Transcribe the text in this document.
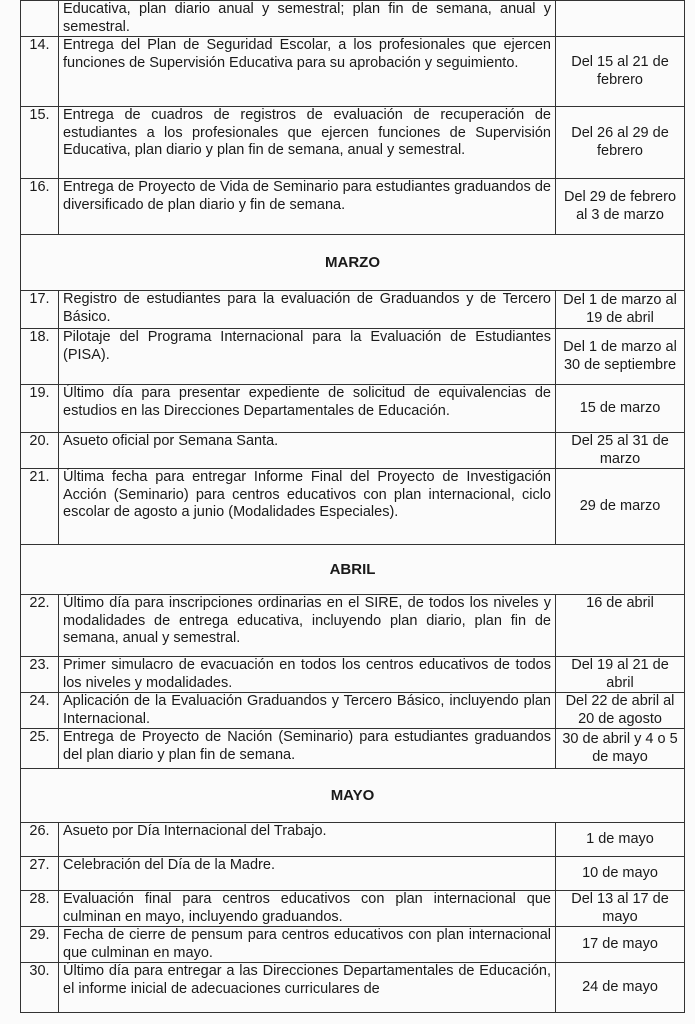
	Educativa, plan diario anual y semestral; plan fin de semana, anual y semestral.	
14.	Entrega del Plan de Seguridad Escolar, a los profesionales que ejercen funciones de Supervisión Educativa para su aprobación y seguimiento.	Del 15 al 21 de febrero
15.	Entrega de cuadros de registros de evaluación de recuperación de estudiantes a los profesionales que ejercen funciones de Supervisión Educativa, plan diario y plan fin de semana, anual y semestral.	Del 26 al 29 de febrero
16.	Entrega de Proyecto de Vida de Seminario para estudiantes graduandos de diversificado de plan diario y fin de semana.	Del 29 de febrero al 3 de marzo
MARZO		
17.	Registro de estudiantes para la evaluación de Graduandos y de Tercero Básico.	Del 1 de marzo al 19 de abril
18.	Pilotaje del Programa Internacional para la Evaluación de Estudiantes (PISA).	Del 1 de marzo al 30 de septiembre
19.	Último día para presentar expediente de solicitud de equivalencias de estudios en las Direcciones Departamentales de Educación.	15 de marzo
20.	Asueto oficial por Semana Santa.	Del 25 al 31 de marzo
21.	Última fecha para entregar Informe Final del Proyecto de Investigación Acción (Seminario) para centros educativos con plan internacional, ciclo escolar de agosto a junio (Modalidades Especiales).	29 de marzo
ABRIL		
22.	Último día para inscripciones ordinarias en el SIRE, de todos los niveles y modalidades de entrega educativa, incluyendo plan diario, plan fin de semana, anual y semestral.	16 de abril
23.	Primer simulacro de evacuación en todos los centros educativos de todos los niveles y modalidades.	Del 19 al 21 de abril
24.	Aplicación de la Evaluación Graduandos y Tercero Básico, incluyendo plan Internacional.	Del 22 de abril al 20 de agosto
25.	Entrega de Proyecto de Nación (Seminario) para estudiantes graduandos del plan diario y plan fin de semana.	30 de abril y 4 o 5 de mayo
MAYO		
26.	Asueto por Día Internacional del Trabajo.	1 de mayo
27.	Celebración del Día de la Madre.	10 de mayo
28.	Evaluación final para centros educativos con plan internacional que culminan en mayo, incluyendo graduandos.	Del 13 al 17 de mayo
29.	Fecha de cierre de pensum para centros educativos con plan internacional que culminan en mayo.	17 de mayo
30.	Último día para entregar a las Direcciones Departamentales de Educación, el informe inicial de adecuaciones curriculares de	24 de mayo
